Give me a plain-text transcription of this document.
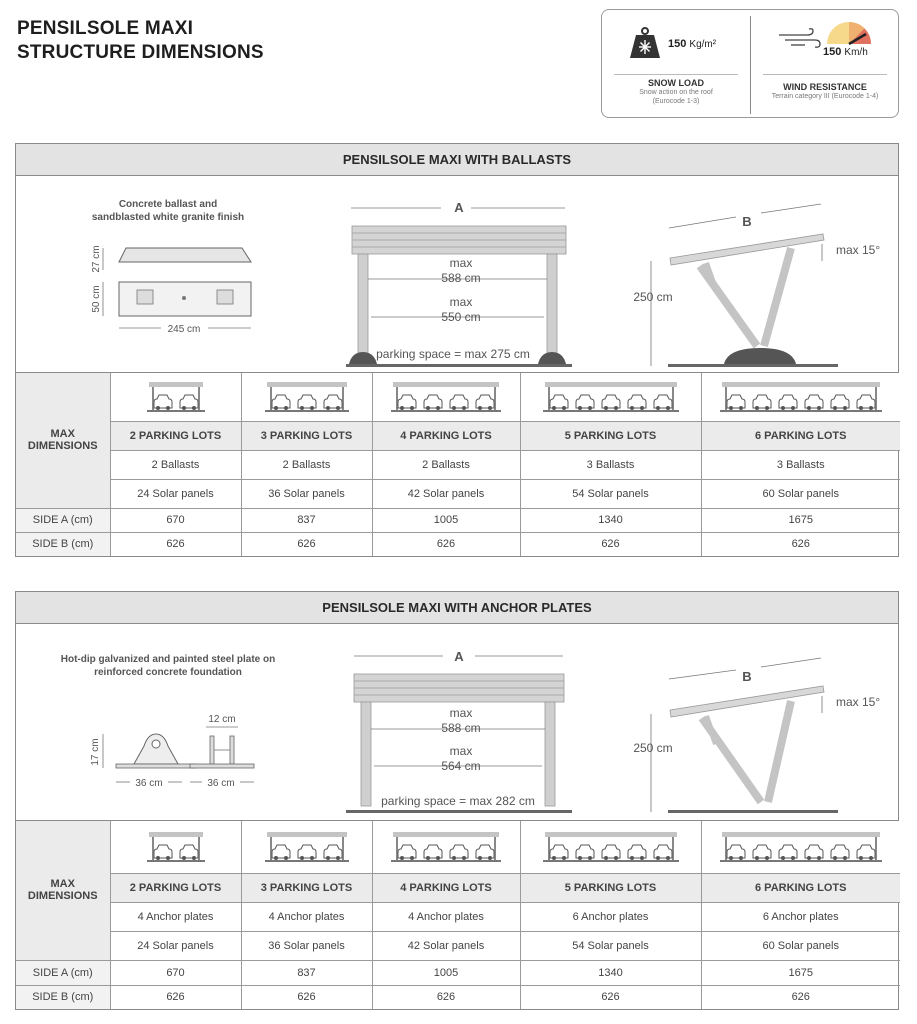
PENSILSOLE MAXI
STRUCTURE DIMENSIONS	150 Kg/m²
SNOW LOAD
Snow action on the roof
(Eurocode 1-3)
150 Km/h
WIND RESISTANCE
Terrain category III (Eurocode 1-4)
PENSILSOLE MAXI WITH BALLASTS
Concrete ballast and
sandblasted white granite finish
27 cm
50 cm
245 cm
A
max
588 cm
max
550 cm
parking space = max 275 cm
B
250 cm
max 15°
MAX
DIMENSIONS

	2 PARKING LOTS	3 PARKING LOTS	4 PARKING LOTS	5 PARKING LOTS	6 PARKING LOTS
	2 Ballasts	2 Ballasts	2 Ballasts	3 Ballasts	3 Ballasts
	24 Solar panels	36 Solar panels	42 Solar panels	54 Solar panels	60 Solar panels
SIDE A (cm)	670	837	1005	1340	1675
SIDE B (cm)	626	626	626	626	626
PENSILSOLE MAXI WITH ANCHOR PLATES
Hot-dip galvanized and painted steel plate on
reinforced concrete foundation
12 cm
17 cm
36 cm	36 cm
A
max
588 cm
max
564 cm
parking space = max 282 cm
B
250 cm
max 15°
MAX
DIMENSIONS

	2 PARKING LOTS	3 PARKING LOTS	4 PARKING LOTS	5 PARKING LOTS	6 PARKING LOTS
	4 Anchor plates	4 Anchor plates	4 Anchor plates	6 Anchor plates	6 Anchor plates
	24 Solar panels	36 Solar panels	42 Solar panels	54 Solar panels	60 Solar panels
SIDE A (cm)	670	837	1005	1340	1675
SIDE B (cm)	626	626	626	626	626
